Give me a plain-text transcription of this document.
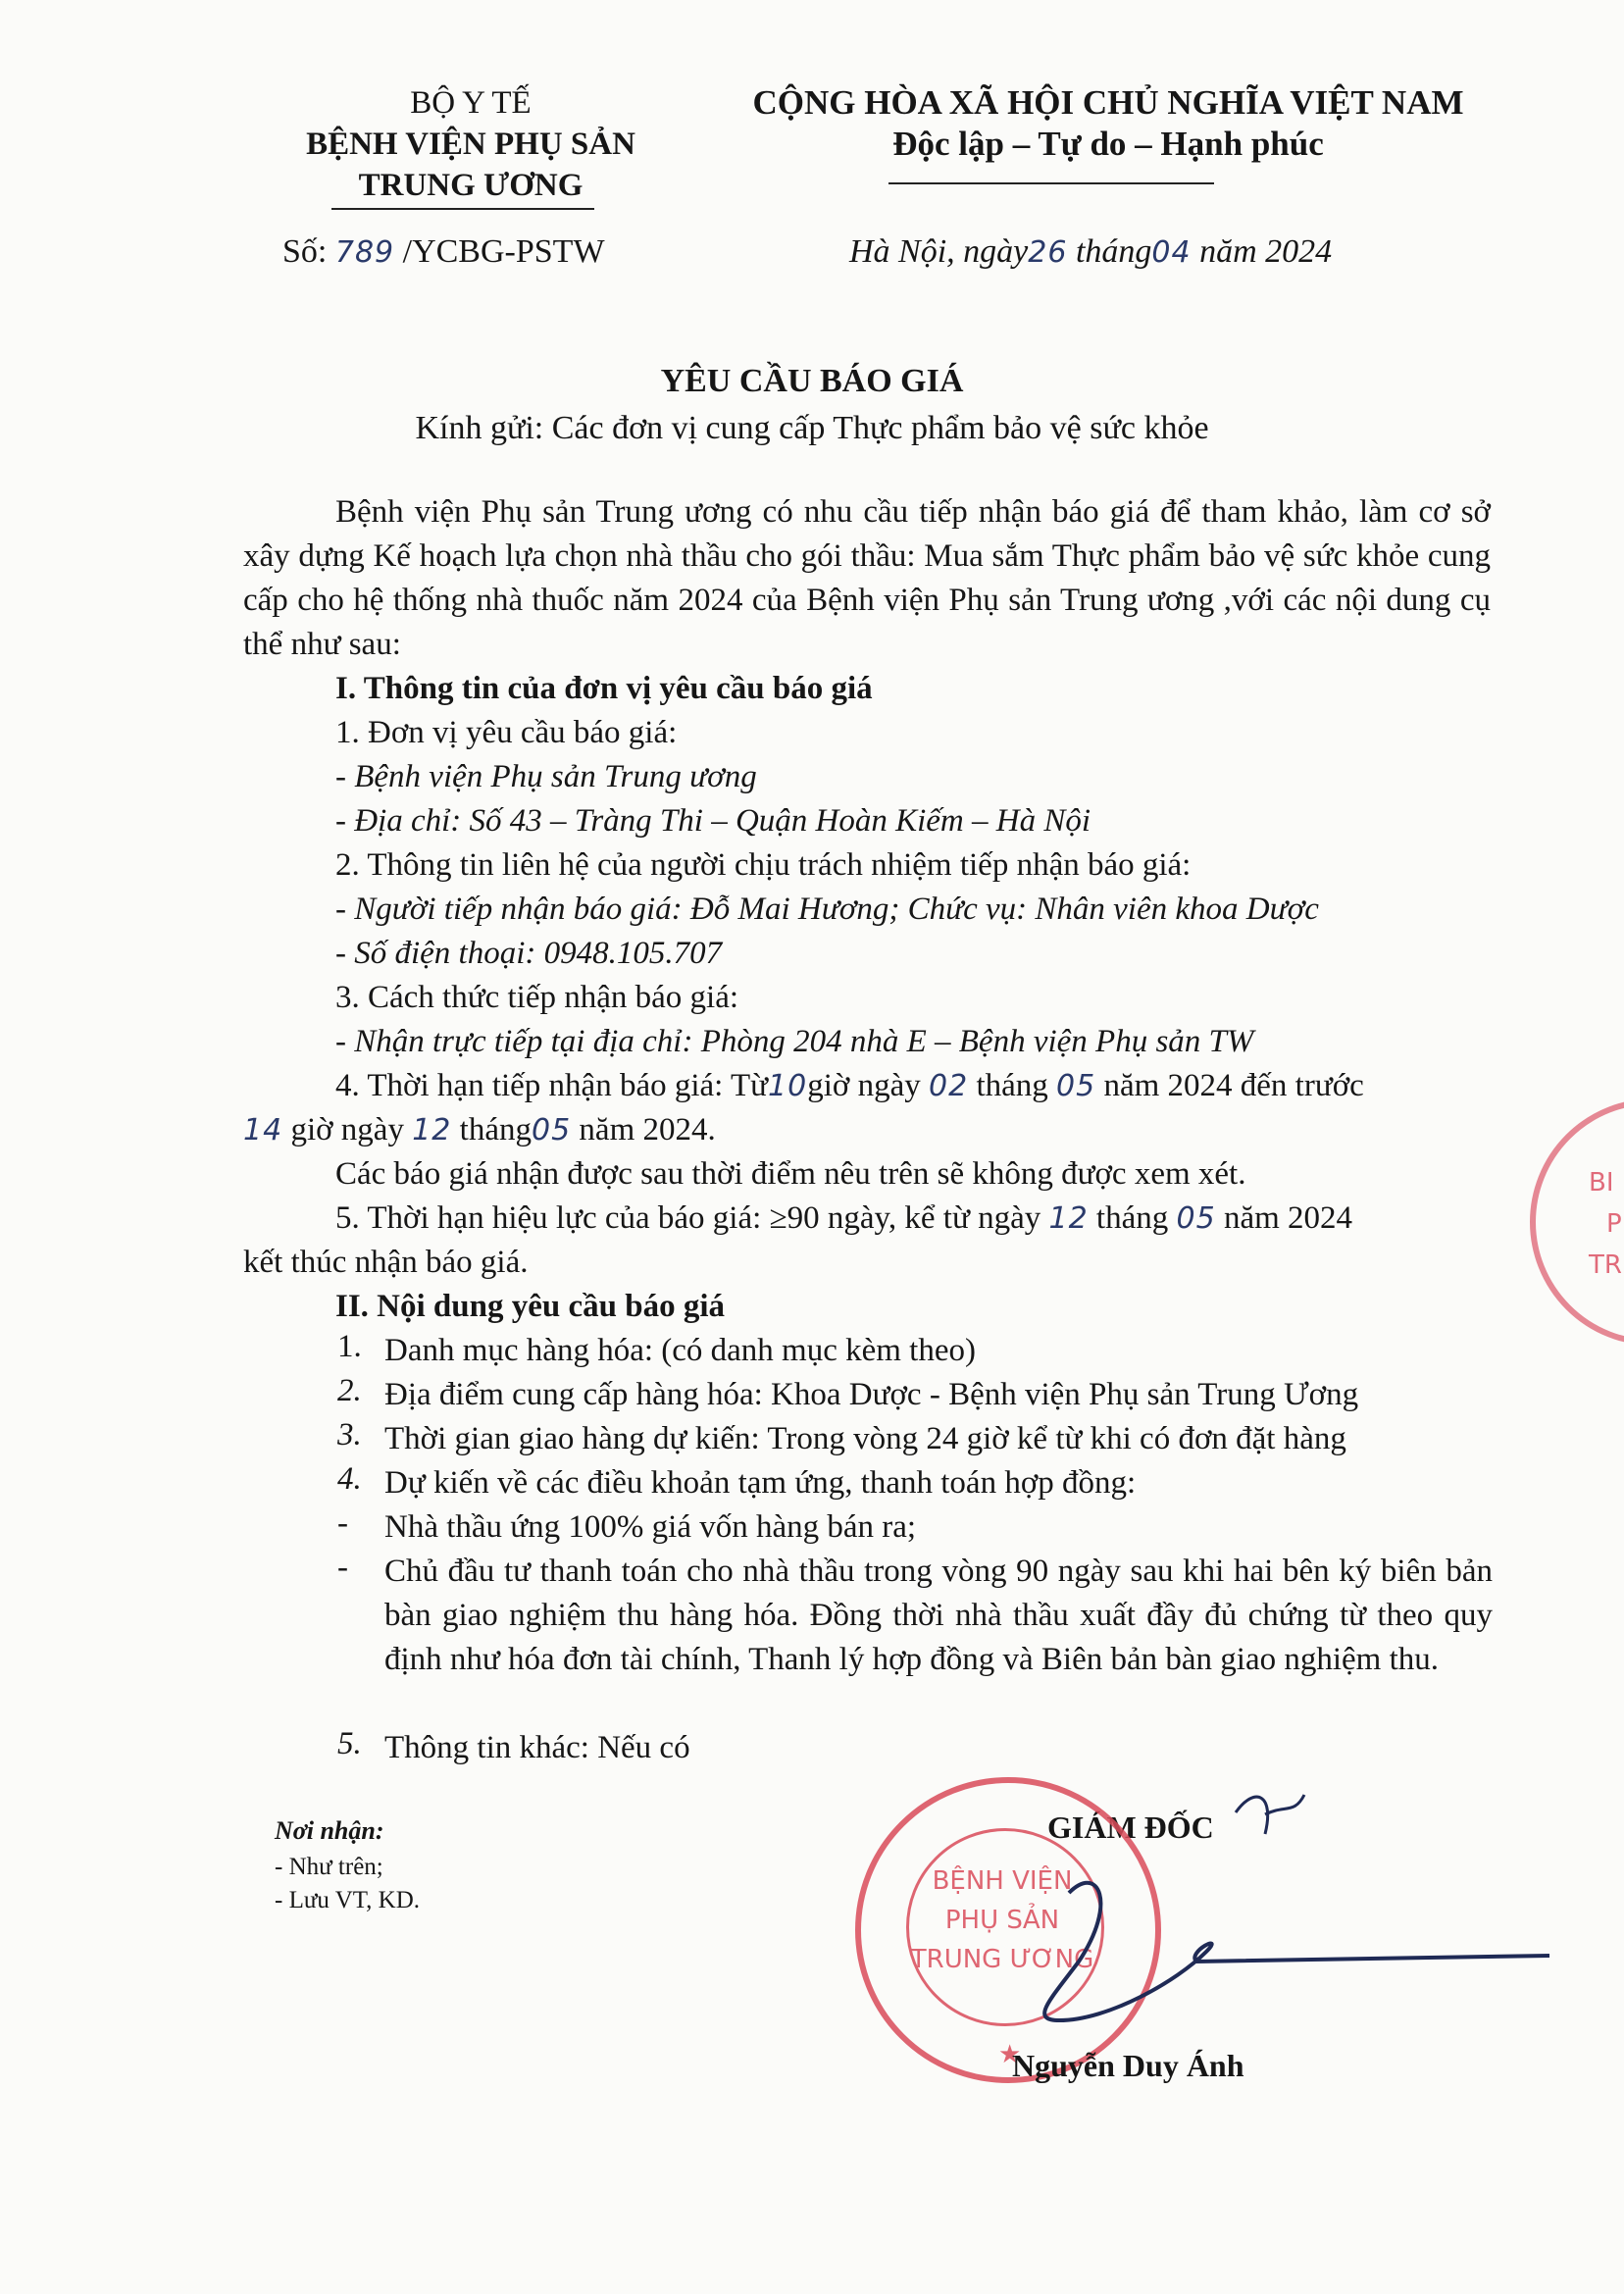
BỘ Y TẾ
BỆNH VIỆN PHỤ SẢN
TRUNG ƯƠNG
CỘNG HÒA XÃ HỘI CHỦ NGHĨA VIỆT NAM
Độc lập – Tự do – Hạnh phúc
Số: 789 /YCBG-PSTW	Hà Nội, ngày26 tháng04 năm 2024
YÊU CẦU BÁO GIÁ
Kính gửi: Các đơn vị cung cấp Thực phẩm bảo vệ sức khỏe
Bệnh viện Phụ sản Trung ương có nhu cầu tiếp nhận báo giá để tham khảo, làm cơ sở xây dựng Kế hoạch lựa chọn nhà thầu cho gói thầu: Mua sắm Thực phẩm bảo vệ sức khỏe cung cấp cho hệ thống nhà thuốc năm 2024 của Bệnh viện Phụ sản Trung ương ,với các nội dung cụ thể như sau:
I. Thông tin của đơn vị yêu cầu báo giá
1. Đơn vị yêu cầu báo giá:
- Bệnh viện Phụ sản Trung ương
- Địa chỉ: Số 43 – Tràng Thi – Quận Hoàn Kiếm – Hà Nội
2. Thông tin liên hệ của người chịu trách nhiệm tiếp nhận báo giá:
- Người tiếp nhận báo giá: Đỗ Mai Hương; Chức vụ: Nhân viên khoa Dược
- Số điện thoại: 0948.105.707
3. Cách thức tiếp nhận báo giá:
- Nhận trực tiếp tại địa chỉ: Phòng 204 nhà E – Bệnh viện Phụ sản TW
4. Thời hạn tiếp nhận báo giá: Từ10giờ ngày 02 tháng 05 năm 2024 đến trước
14 giờ ngày 12 tháng05 năm 2024.
Các báo giá nhận được sau thời điểm nêu trên sẽ không được xem xét.
5. Thời hạn hiệu lực của báo giá: ≥90 ngày, kể từ ngày 12 tháng 05 năm 2024
kết thúc nhận báo giá.
II. Nội dung yêu cầu báo giá
1. Danh mục hàng hóa: (có danh mục kèm theo)
2. Địa điểm cung cấp hàng hóa: Khoa Dược - Bệnh viện Phụ sản Trung Ương
3. Thời gian giao hàng dự kiến: Trong vòng 24 giờ kể từ khi có đơn đặt hàng
4. Dự kiến về các điều khoản tạm ứng, thanh toán hợp đồng:
- Nhà thầu ứng 100% giá vốn hàng bán ra;
- Chủ đầu tư thanh toán cho nhà thầu trong vòng 90 ngày sau khi hai bên ký biên bản bàn giao nghiệm thu hàng hóa. Đồng thời nhà thầu xuất đầy đủ chứng từ theo quy định như hóa đơn tài chính, Thanh lý hợp đồng và Biên bản bàn giao nghiệm thu.
5. Thông tin khác: Nếu có
Nơi nhận:
- Như trên;
- Lưu VT, KD.
BI
P
TR
GIÁM ĐỐC
BỆNH VIỆN
PHỤ SẢN
TRUNG ƯƠNG
★
Nguyễn Duy Ánh
